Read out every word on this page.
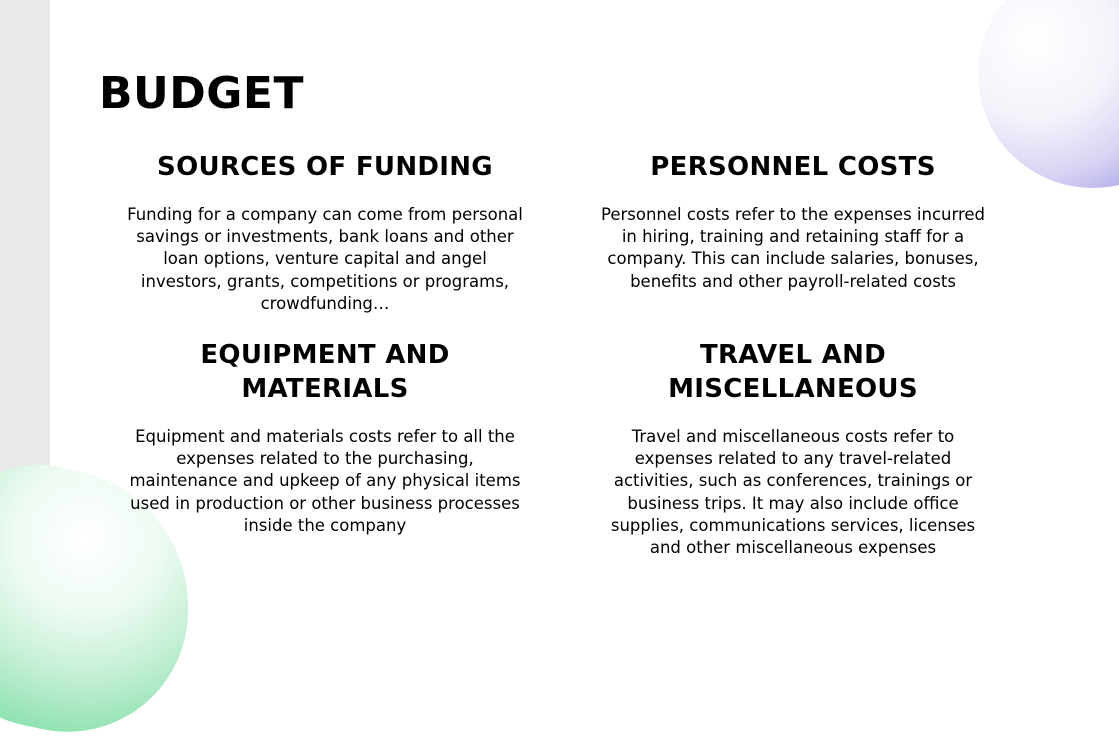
BUDGET
SOURCES OF FUNDING

Funding for a company can come from personal savings or investments, bank loans and other loan options, venture capital and angel investors, grants, competitions or programs, crowdfunding…

PERSONNEL COSTS

Personnel costs refer to the expenses incurred in hiring, training and retaining staff for a company. This can include salaries, bonuses, benefits and other payroll-related costs

EQUIPMENT AND MATERIALS

Equipment and materials costs refer to all the expenses related to the purchasing, maintenance and upkeep of any physical items used in production or other business processes inside the company

TRAVEL AND MISCELLANEOUS

Travel and miscellaneous costs refer to expenses related to any travel-related activities, such as conferences, trainings or business trips. It may also include office supplies, communications services, licenses and other miscellaneous expenses
